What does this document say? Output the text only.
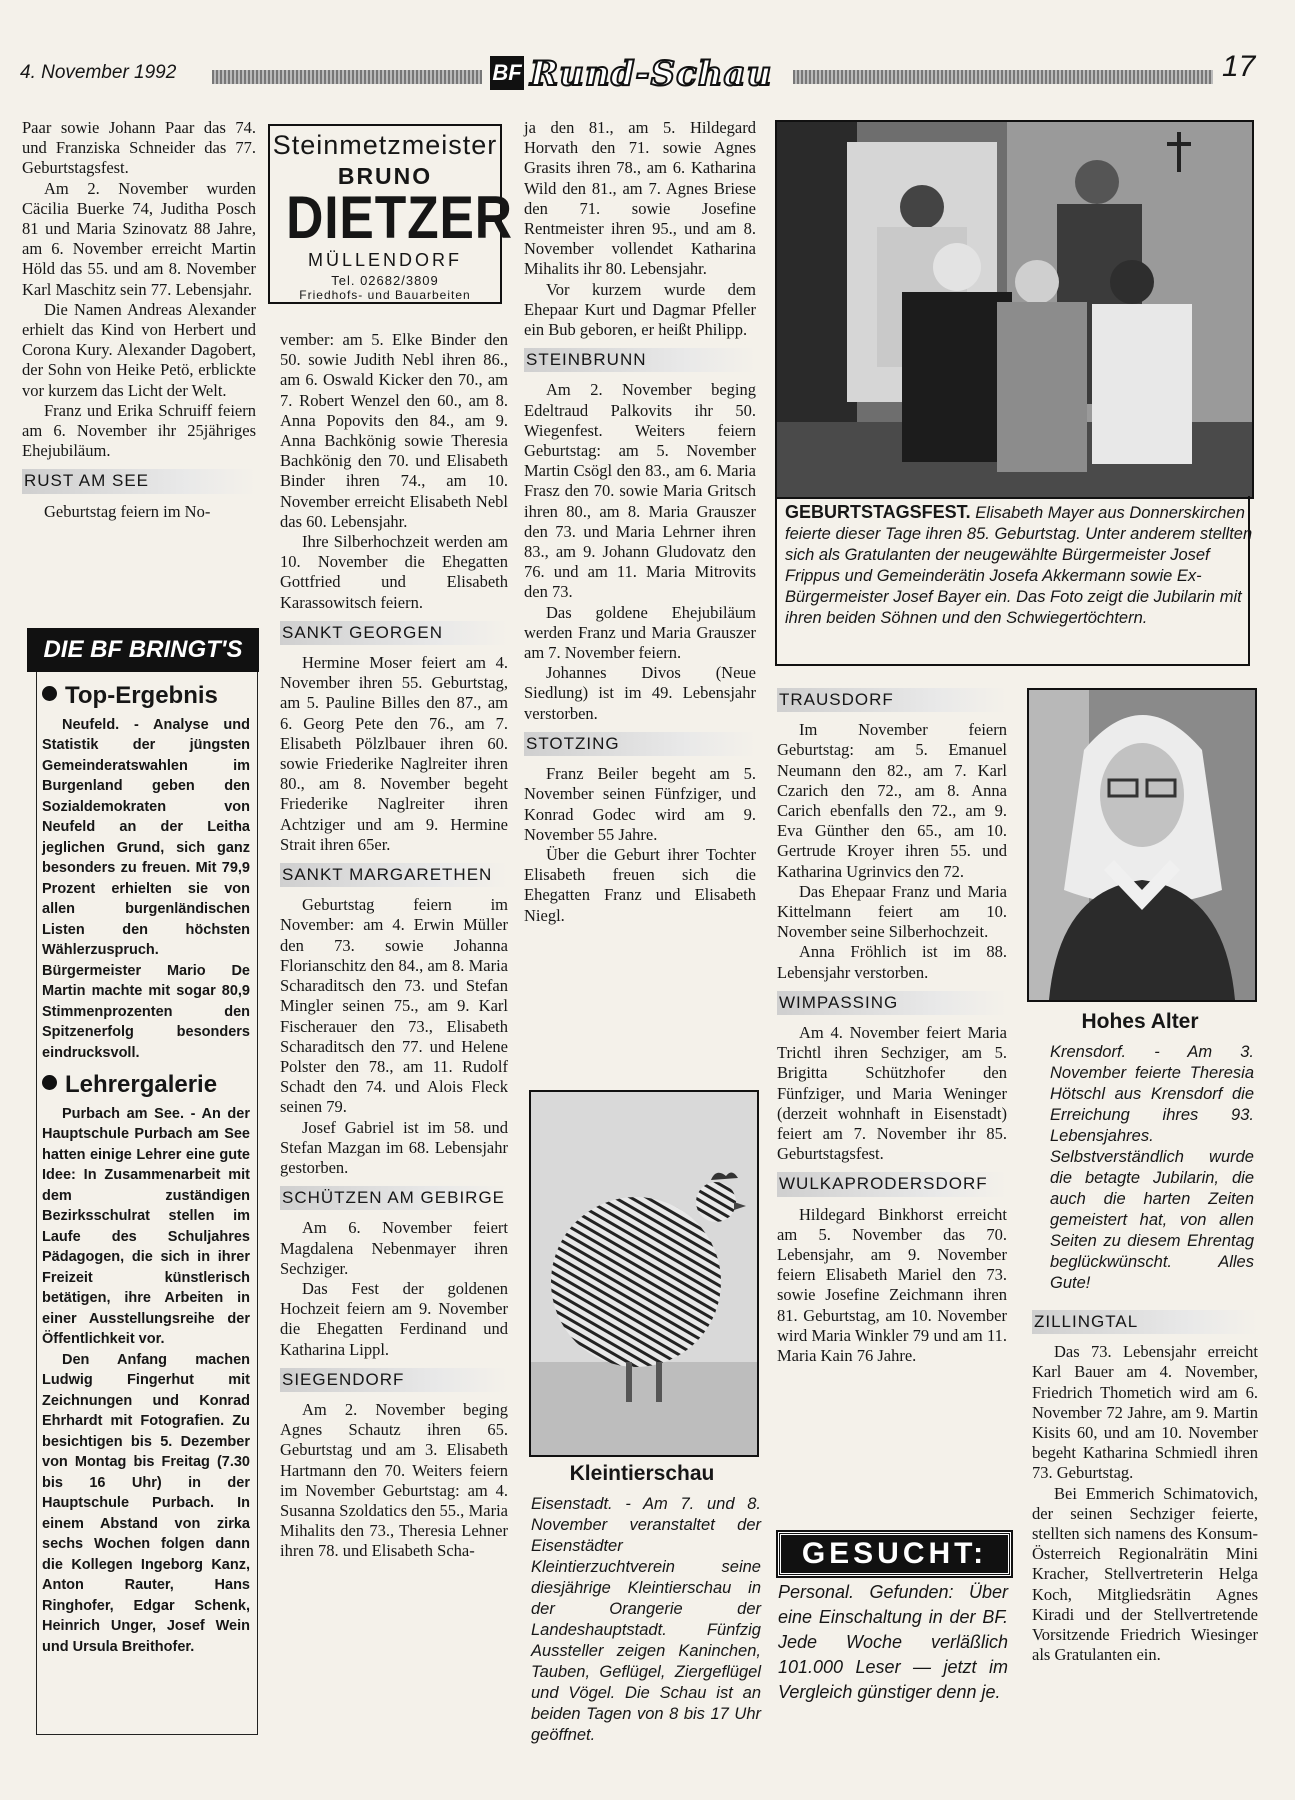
4. November 1992	BF Rund-Schau	17

Paar sowie Johann Paar das 74. und Franziska Schneider das 77. Geburtstagsfest.

Am 2. November wurden Cäcilia Buerke 74, Juditha Posch 81 und Maria Szinovatz 88 Jahre, am 6. November erreicht Martin Höld das 55. und am 8. November Karl Maschitz sein 77. Lebensjahr.

Die Namen Andreas Alexander erhielt das Kind von Herbert und Corona Kury. Alexander Dagobert, der Sohn von Heike Petö, erblickte vor kurzem das Licht der Welt.

Franz und Erika Schruiff feiern am 6. November ihr 25jähriges Ehejubiläum.

RUST AM SEE

Geburtstag feiern im No-

DIE BF BRINGT'S
Top-Ergebnis

Neufeld. - Analyse und Statistik der jüngsten Gemeinderatswahlen im Burgenland geben den Sozialdemokraten von Neufeld an der Leitha jeglichen Grund, sich ganz besonders zu freuen. Mit 79,9 Prozent erhielten sie von allen burgenländischen Listen den höchsten Wählerzuspruch. Bürgermeister Mario De Martin machte mit sogar 80,9 Stimmenprozenten den Spitzenerfolg besonders eindrucksvoll.

Lehrergalerie

Purbach am See. - An der Hauptschule Purbach am See hatten einige Lehrer eine gute Idee: In Zusammenarbeit mit dem zuständigen Bezirksschulrat stellen im Laufe des Schuljahres Pädagogen, die sich in ihrer Freizeit künstlerisch betätigen, ihre Arbeiten in einer Ausstellungsreihe der Öffentlichkeit vor.

Den Anfang machen Ludwig Fingerhut mit Zeichnungen und Konrad Ehrhardt mit Fotografien. Zu besichtigen bis 5. Dezember von Montag bis Freitag (7.30 bis 16 Uhr) in der Hauptschule Purbach. In einem Abstand von zirka sechs Wochen folgen dann die Kollegen Ingeborg Kanz, Anton Rauter, Hans Ringhofer, Edgar Schenk, Heinrich Unger, Josef Wein und Ursula Breithofer.

Steinmetzmeister
BRUNO
DIETZER
MÜLLENDORF
Tel. 02682/3809
Friedhofs- und Bauarbeiten

vember: am 5. Elke Binder den 50. sowie Judith Nebl ihren 86., am 6. Oswald Kicker den 70., am 7. Robert Wenzel den 60., am 8. Anna Popovits den 84., am 9. Anna Bachkönig sowie Theresia Bachkönig den 70. und Elisabeth Binder ihren 74., am 10. November erreicht Elisabeth Nebl das 60. Lebensjahr.

Ihre Silberhochzeit werden am 10. November die Ehegatten Gottfried und Elisabeth Karassowitsch feiern.

SANKT GEORGEN

Hermine Moser feiert am 4. November ihren 55. Geburtstag, am 5. Pauline Billes den 87., am 6. Georg Pete den 76., am 7. Elisabeth Pölzlbauer ihren 60. sowie Friederike Naglreiter ihren 80., am 8. November begeht Friederike Naglreiter ihren Achtziger und am 9. Hermine Strait ihren 65er.

SANKT MARGARETHEN

Geburtstag feiern im November: am 4. Erwin Müller den 73. sowie Johanna Florianschitz den 84., am 8. Maria Scharaditsch den 73. und Stefan Mingler seinen 75., am 9. Karl Fischerauer den 73., Elisabeth Scharaditsch den 77. und Helene Polster den 78., am 11. Rudolf Schadt den 74. und Alois Fleck seinen 79.

Josef Gabriel ist im 58. und Stefan Mazgan im 68. Lebensjahr gestorben.

SCHÜTZEN AM GEBIRGE

Am 6. November feiert Magdalena Nebenmayer ihren Sechziger.

Das Fest der goldenen Hochzeit feiern am 9. November die Ehegatten Ferdinand und Katharina Lippl.

SIEGENDORF

Am 2. November beging Agnes Schautz ihren 65. Geburtstag und am 3. Elisabeth Hartmann den 70. Weiters feiern im November Geburtstag: am 4. Susanna Szoldatics den 55., Maria Mihalits den 73., Theresia Lehner ihren 78. und Elisabeth Scha-

ja den 81., am 5. Hildegard Horvath den 71. sowie Agnes Grasits ihren 78., am 6. Katharina Wild den 81., am 7. Agnes Briese den 71. sowie Josefine Rentmeister ihren 95., und am 8. November vollendet Katharina Mihalits ihr 80. Lebensjahr.

Vor kurzem wurde dem Ehepaar Kurt und Dagmar Pfeller ein Bub geboren, er heißt Philipp.

STEINBRUNN

Am 2. November beging Edeltraud Palkovits ihr 50. Wiegenfest. Weiters feiern Geburtstag: am 5. November Martin Csögl den 83., am 6. Maria Frasz den 70. sowie Maria Gritsch ihren 80., am 8. Maria Grauszer den 73. und Maria Lehrner ihren 83., am 9. Johann Gludovatz den 76. und am 11. Maria Mitrovits den 73.

Das goldene Ehejubiläum werden Franz und Maria Grauszer am 7. November feiern.

Johannes Divos (Neue Siedlung) ist im 49. Lebensjahr verstorben.

STOTZING

Franz Beiler begeht am 5. November seinen Fünfziger, und Konrad Godec wird am 9. November 55 Jahre.

Über die Geburt ihrer Tochter Elisabeth freuen sich die Ehegatten Franz und Elisabeth Niegl.

GEBURTSTAGSFEST. Elisabeth Mayer aus Donnerskirchen feierte dieser Tage ihren 85. Geburtstag. Unter anderem stellten sich als Gratulanten der neugewählte Bürgermeister Josef Frippus und Gemeinderätin Josefa Akkermann sowie Ex-Bürgermeister Josef Bayer ein. Das Foto zeigt die Jubilarin mit ihren beiden Söhnen und den Schwiegertöchtern.
Kleintierschau
Eisenstadt. - Am 7. und 8. November veranstaltet der Eisenstädter Kleintierzuchtverein seine diesjährige Kleintierschau in der Orangerie der Landeshauptstadt. Fünfzig Aussteller zeigen Kaninchen, Tauben, Geflügel, Ziergeflügel und Vögel. Die Schau ist an beiden Tagen von 8 bis 17 Uhr geöffnet.
TRAUSDORF

Im November feiern Geburtstag: am 5. Emanuel Neumann den 82., am 7. Karl Czarich den 72., am 8. Anna Carich ebenfalls den 72., am 9. Eva Günther den 65., am 10. Gertrude Kroyer ihren 55. und Katharina Ugrinvics den 72.

Das Ehepaar Franz und Maria Kittelmann feiert am 10. November seine Silberhochzeit.

Anna Fröhlich ist im 88. Lebensjahr verstorben.

WIMPASSING

Am 4. November feiert Maria Trichtl ihren Sechziger, am 5. Brigitta Schützhofer den Fünfziger, und Maria Weninger (derzeit wohnhaft in Eisenstadt) feiert am 7. November ihr 85. Geburtstagsfest.

WULKAPRODERSDORF

Hildegard Binkhorst erreicht am 5. November das 70. Lebensjahr, am 9. November feiern Elisabeth Mariel den 73. sowie Josefine Zeichmann ihren 81. Geburtstag, am 10. November wird Maria Winkler 79 und am 11. Maria Kain 76 Jahre.

GESUCHT:
Personal. Gefunden: Über eine Einschaltung in der BF. Jede Woche verläßlich 101.000 Leser — jetzt im Vergleich günstiger denn je.
Hohes Alter
Krensdorf. - Am 3. November feierte Theresia Hötschl aus Krensdorf die Erreichung ihres 93. Lebensjahres. Selbstverständlich wurde die betagte Jubilarin, die auch die harten Zeiten gemeistert hat, von allen Seiten zu diesem Ehrentag beglückwünscht. Alles Gute!
ZILLINGTAL

Das 73. Lebensjahr erreicht Karl Bauer am 4. November, Friedrich Thometich wird am 6. November 72 Jahre, am 9. Martin Kisits 60, und am 10. November begeht Katharina Schmiedl ihren 73. Geburtstag.

Bei Emmerich Schimatovich, der seinen Sechziger feierte, stellten sich namens des Konsum-Österreich Regionalrätin Mini Kracher, Stellvertreterin Helga Koch, Mitgliedsrätin Agnes Kiradi und der Stellvertretende Vorsitzende Friedrich Wiesinger als Gratulanten ein.
